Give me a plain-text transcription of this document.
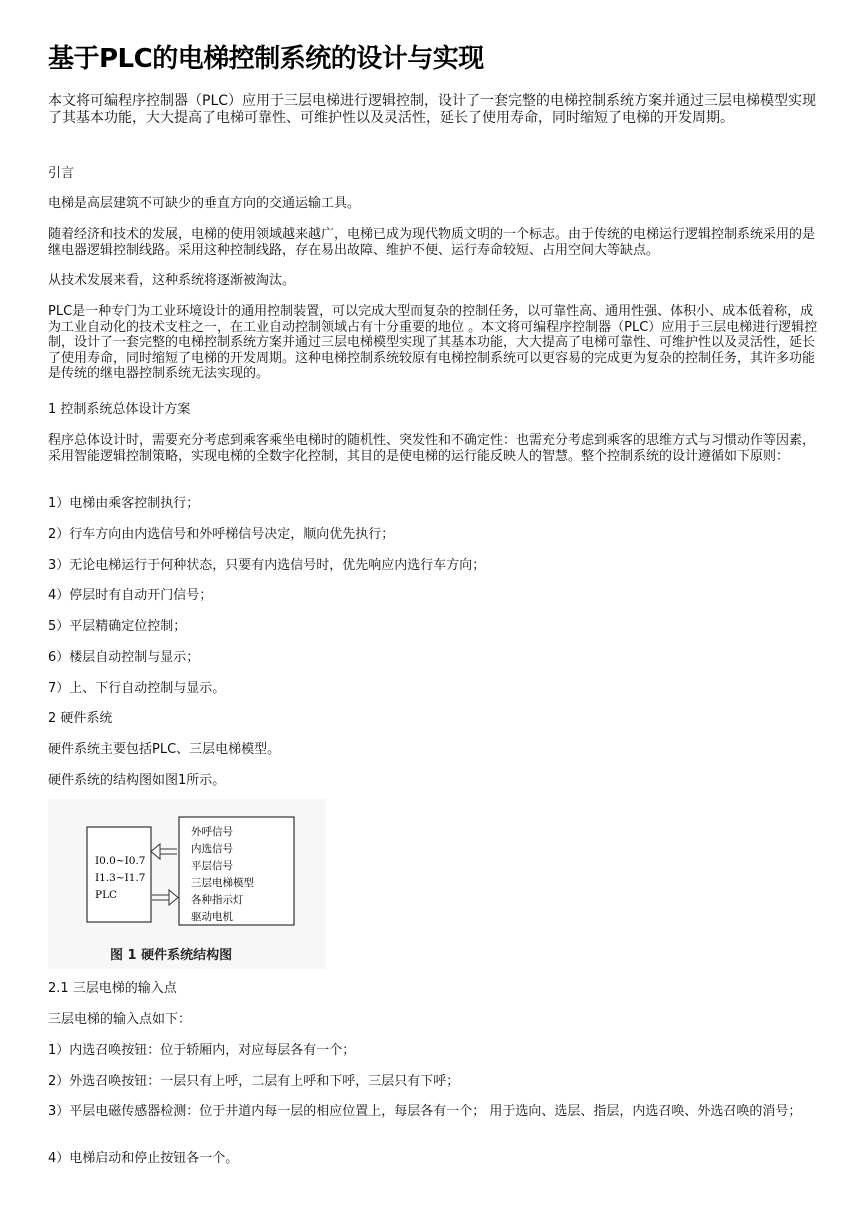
基于PLC的电梯控制系统的设计与实现

本文将可编程序控制器（PLC）应用于三层电梯进行逻辑控制，设计了一套完整的电梯控制系统方案并通过三层电梯模型实现了其基本功能，大大提高了电梯可靠性、可维护性以及灵活性，延长了使用寿命，同时缩短了电梯的开发周期。

引言

电梯是高层建筑不可缺少的垂直方向的交通运输工具。

随着经济和技术的发展，电梯的使用领域越来越广，电梯已成为现代物质文明的一个标志。由于传统的电梯运行逻辑控制系统采用的是继电器逻辑控制线路。采用这种控制线路，存在易出故障、维护不便、运行寿命较短、占用空间大等缺点。

从技术发展来看，这种系统将逐渐被淘汰。

PLC是一种专门为工业环境设计的通用控制装置，可以完成大型而复杂的控制任务，以可靠性高、通用性强、体积小、成本低着称，成为工业自动化的技术支柱之一，在工业自动控制领域占有十分重要的地位 。本文将可编程序控制器（PLC）应用于三层电梯进行逻辑控制，设计了一套完整的电梯控制系统方案并通过三层电梯模型实现了其基本功能，大大提高了电梯可靠性、可维护性以及灵活性，延长了使用寿命，同时缩短了电梯的开发周期。这种电梯控制系统较原有电梯控制系统可以更容易的完成更为复杂的控制任务，其许多功能是传统的继电器控制系统无法实现的。

1 控制系统总体设计方案

程序总体设计时，需要充分考虑到乘客乘坐电梯时的随机性、突发性和不确定性：也需充分考虑到乘客的思维方式与习惯动作等因素，采用智能逻辑控制策略，实现电梯的全数字化控制，其目的是使电梯的运行能反映人的智慧。整个控制系统的设计遵循如下原则：

1）电梯由乘客控制执行；

2）行车方向由内选信号和外呼梯信号决定，顺向优先执行；

3）无论电梯运行于何种状态，只要有内选信号时，优先响应内选行车方向；

4）停层时有自动开门信号；

5）平层精确定位控制；

6）楼层自动控制与显示；

7）上、下行自动控制与显示。

2 硬件系统

硬件系统主要包括PLC、三层电梯模型。

硬件系统的结构图如图1所示。

I0.0~I0.7
I1.3~I1.7
PLC
外呼信号
内选信号
平层信号
三层电梯模型
各种指示灯
驱动电机
图 1 硬件系统结构图

2.1 三层电梯的输入点

三层电梯的输入点如下：

1）内选召唤按钮：位于轿厢内，对应每层各有一个；

2）外选召唤按钮：一层只有上呼，二层有上呼和下呼，三层只有下呼；

3）平层电磁传感器检测：位于井道内每一层的相应位置上，每层各有一个； 用于选向、选层、指层，内选召唤、外选召唤的消号；

4）电梯启动和停止按钮各一个。
